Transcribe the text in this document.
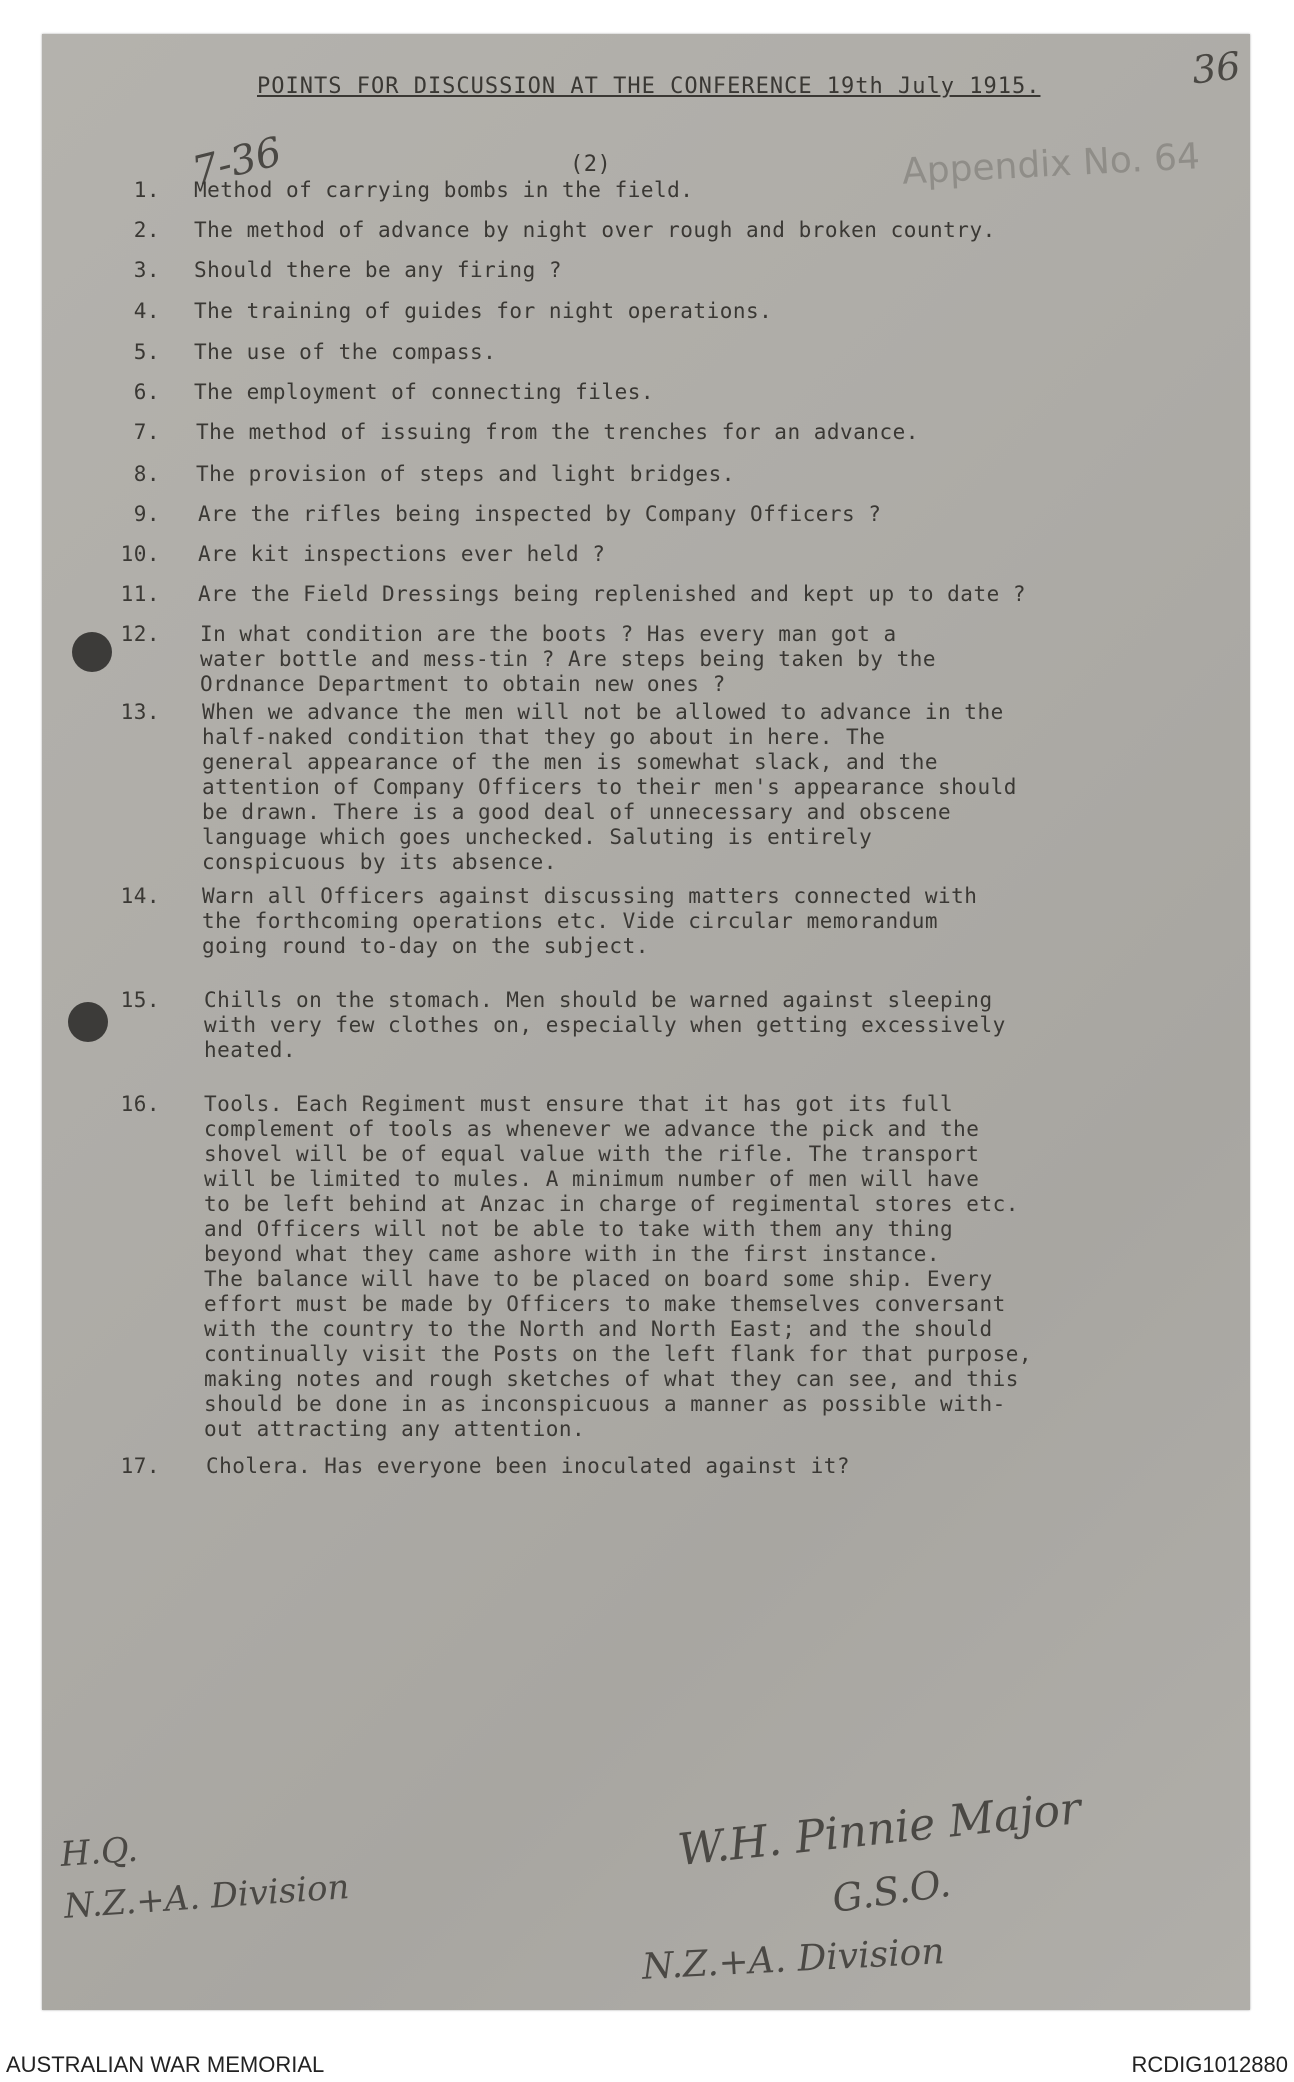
POINTS FOR DISCUSSION AT THE CONFERENCE 19th July 1915.
(2)
36
7-36	Appendix No. 64
1. Method of carrying bombs in the field.
2. The method of advance by night over rough and broken country.
3. Should there be any firing ?
4. The training of guides for night operations.
5. The use of the compass.
6. The employment of connecting files.
7. The method of issuing from the trenches for an advance.
8. The provision of steps and light bridges.
9. Are the rifles being inspected by Company Officers ?
10. Are kit inspections ever held ?
11. Are the Field Dressings being replenished and kept up to date ?
12. In what condition are the boots ? Has every man got a
water bottle and mess-tin ? Are steps being taken by the
Ordnance Department to obtain new ones ?
13. When we advance the men will not be allowed to advance in the
half-naked condition that they go about in here. The
general appearance of the men is somewhat slack, and the
attention of Company Officers to their men's appearance should
be drawn. There is a good deal of unnecessary and obscene
language which goes unchecked. Saluting is entirely
conspicuous by its absence.
14. Warn all Officers against discussing matters connected with
the forthcoming operations etc. Vide circular memorandum
going round to-day on the subject.
15. Chills on the stomach. Men should be warned against sleeping
with very few clothes on, especially when getting excessively
heated.
16. Tools. Each Regiment must ensure that it has got its full
complement of tools as whenever we advance the pick and the
shovel will be of equal value with the rifle. The transport
will be limited to mules. A minimum number of men will have
to be left behind at Anzac in charge of regimental stores etc.
and Officers will not be able to take with them any thing
beyond what they came ashore with in the first instance.
The balance will have to be placed on board some ship. Every
effort must be made by Officers to make themselves conversant
with the country to the North and North East; and the should
continually visit the Posts on the left flank for that purpose,
making notes and rough sketches of what they can see, and this
should be done in as inconspicuous a manner as possible with-
out attracting any attention.
17. Cholera. Has everyone been inoculated against it?
H.Q.
N.Z.+A. Division
W.H. Pinnie Major
G.S.O.
N.Z.+A. Division
AUSTRALIAN WAR MEMORIAL	RCDIG1012880
